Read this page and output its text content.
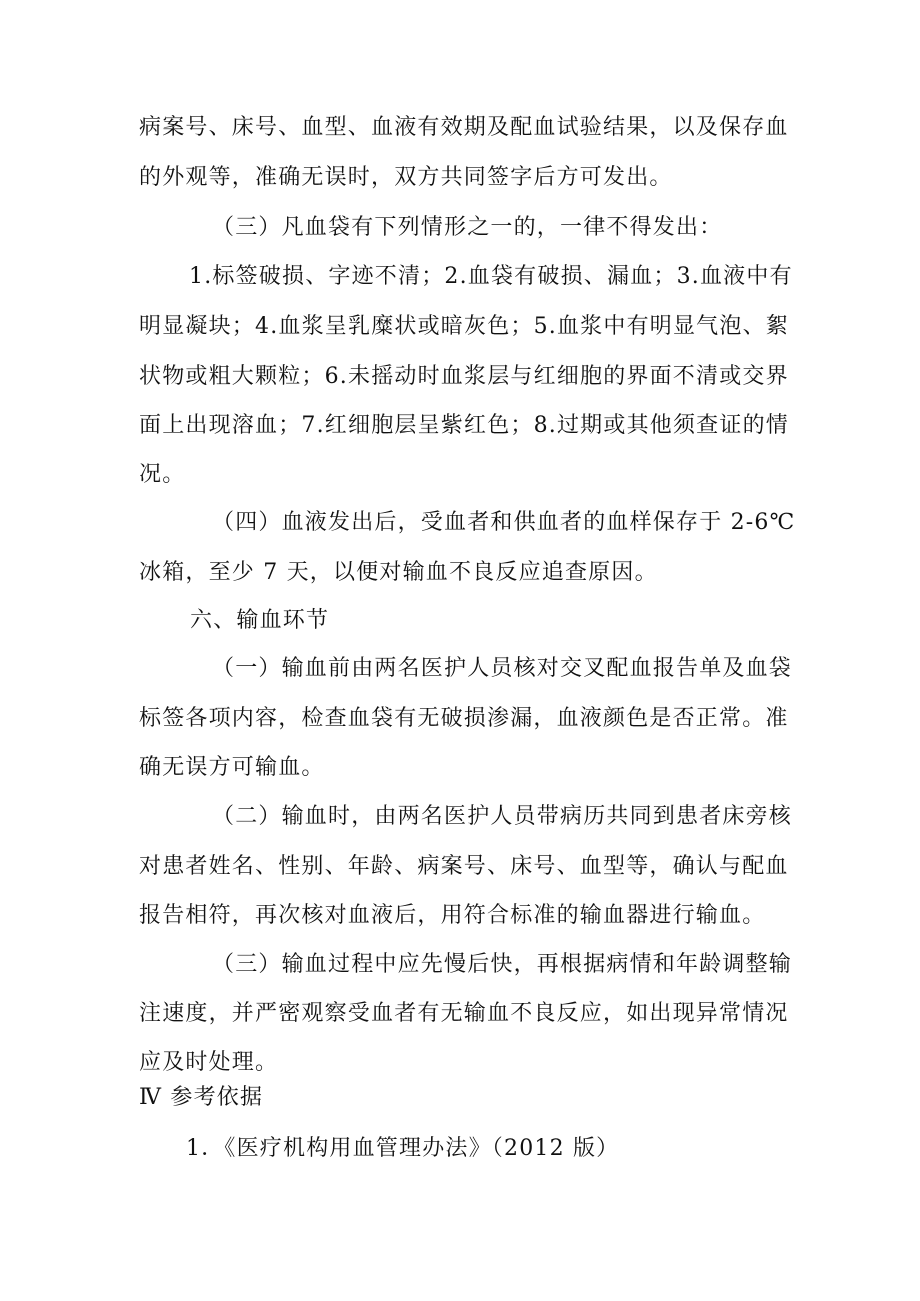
病案号、床号、血型、血液有效期及配血试验结果，以及保存血
的外观等，准确无误时，双方共同签字后方可发出。
（三）凡血袋有下列情形之一的，一律不得发出：
1.标签破损、字迹不清；2.血袋有破损、漏血；3.血液中有
明显凝块；4.血浆呈乳糜状或暗灰色；5.血浆中有明显气泡、絮
状物或粗大颗粒；6.未摇动时血浆层与红细胞的界面不清或交界
面上出现溶血；7.红细胞层呈紫红色；8.过期或其他须查证的情
况。
（四）血液发出后，受血者和供血者的血样保存于 2-6℃
冰箱，至少 7 天，以便对输血不良反应追查原因。
六、输血环节
（一）输血前由两名医护人员核对交叉配血报告单及血袋
标签各项内容，检查血袋有无破损渗漏，血液颜色是否正常。准
确无误方可输血。
（二）输血时，由两名医护人员带病历共同到患者床旁核
对患者姓名、性别、年龄、病案号、床号、血型等，确认与配血
报告相符，再次核对血液后，用符合标准的输血器进行输血。
（三）输血过程中应先慢后快，再根据病情和年龄调整输
注速度，并严密观察受血者有无输血不良反应，如出现异常情况
应及时处理。
Ⅳ 参考依据
1．《医疗机构用血管理办法》（2012 版）
